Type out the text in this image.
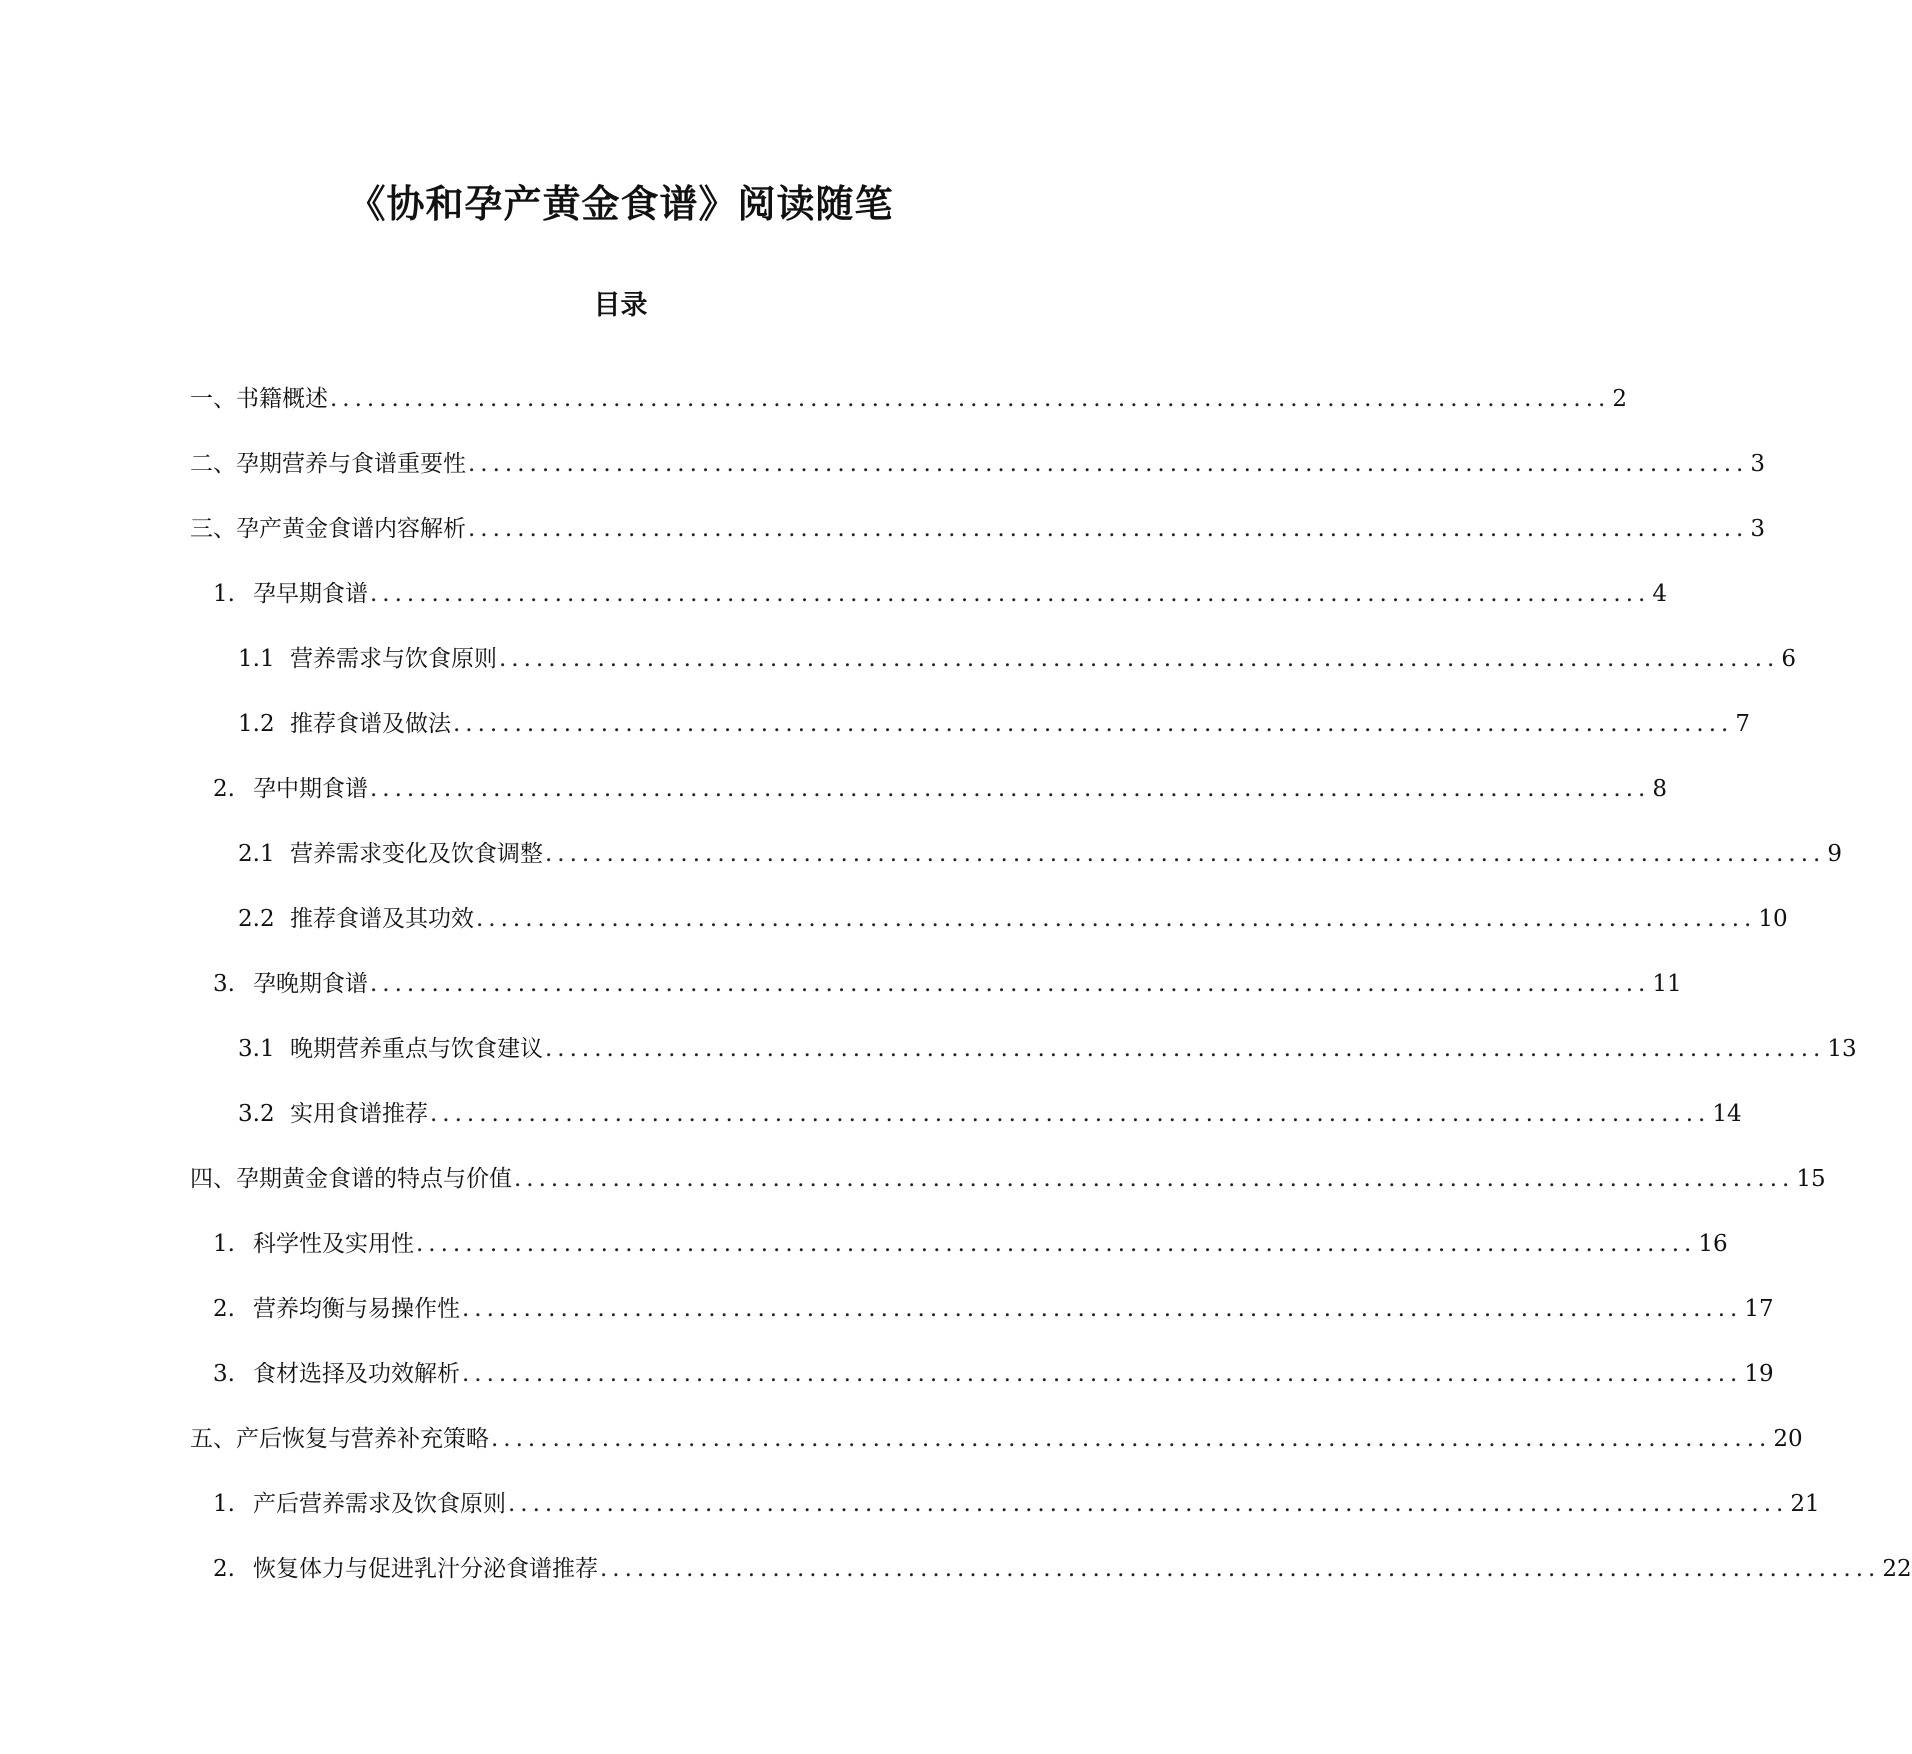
《协和孕产黄金食谱》阅读随笔
目录
一、书籍概述 ........................................................................................................ 2
二、孕期营养与食谱重要性 ........................................................................................................ 3
三、孕产黄金食谱内容解析 ........................................................................................................ 3
1. 孕早期食谱 ........................................................................................................ 4
1.1 营养需求与饮食原则 ........................................................................................................ 6
1.2 推荐食谱及做法 ........................................................................................................ 7
2. 孕中期食谱 ........................................................................................................ 8
2.1 营养需求变化及饮食调整 ........................................................................................................ 9
2.2 推荐食谱及其功效 ........................................................................................................ 10
3. 孕晚期食谱 ........................................................................................................ 11
3.1 晚期营养重点与饮食建议 ........................................................................................................ 13
3.2 实用食谱推荐 ........................................................................................................ 14
四、孕期黄金食谱的特点与价值 ........................................................................................................ 15
1. 科学性及实用性 ........................................................................................................ 16
2. 营养均衡与易操作性 ........................................................................................................ 17
3. 食材选择及功效解析 ........................................................................................................ 19
五、产后恢复与营养补充策略 ........................................................................................................ 20
1. 产后营养需求及饮食原则 ........................................................................................................ 21
2. 恢复体力与促进乳汁分泌食谱推荐 ........................................................................................................ 22
